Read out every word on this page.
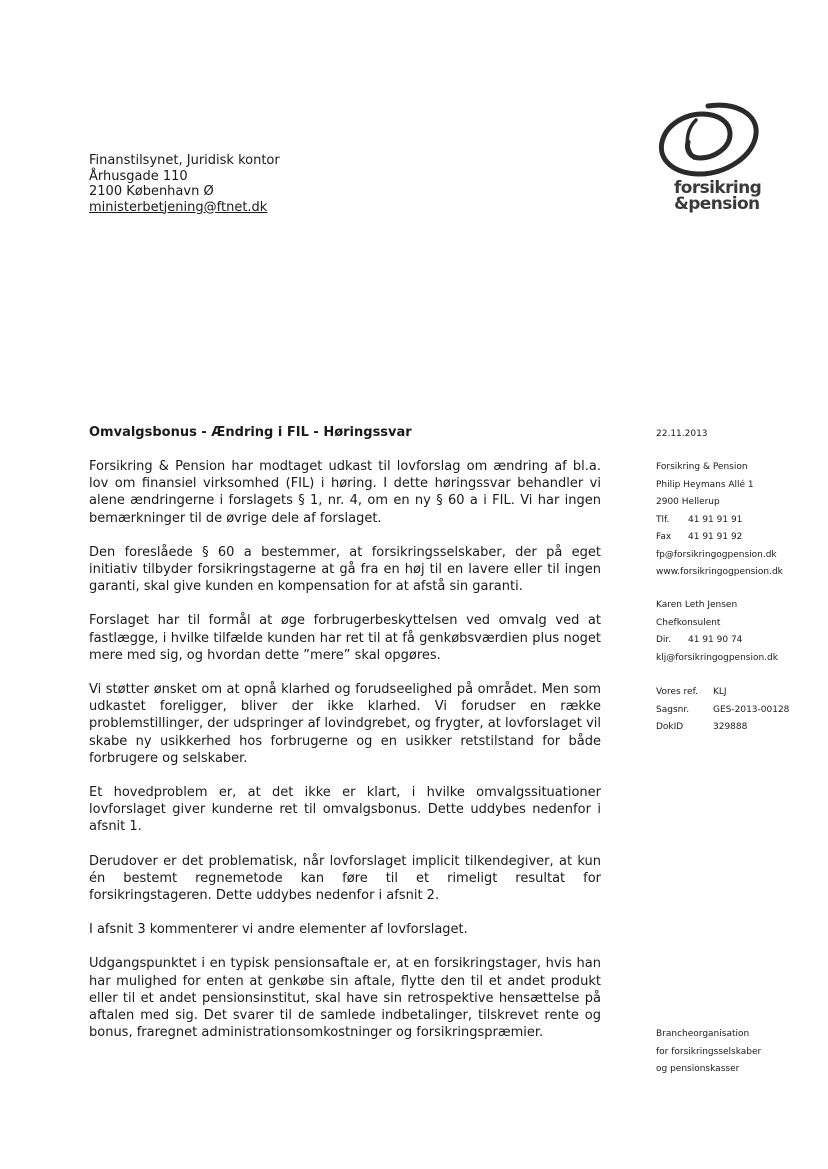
Finanstilsynet, Juridisk kontor
Århusgade 110
2100 København Ø
ministerbetjening@ftnet.dk
forsikring
&pension
Omvalgsbonus - Ændring i FIL - Høringssvar	22.11.2013
Forsikring & Pension
Philip Heymans Allé 1
2900 Hellerup
Tlf. 41 91 91 91
Fax 41 91 91 92
fp@forsikringogpension.dk
www.forsikringogpension.dk
Karen Leth Jensen
Chefkonsulent
Dir. 41 91 90 74
klj@forsikringogpension.dk
Vores ref. KLJ
Sagsnr.	GES-2013-00128
DokID	329888

Forsikring & Pension har modtaget udkast til lovforslag om ændring af bl.a. lov om finansiel virksomhed (FIL) i høring. I dette høringssvar behandler vi alene ændringerne i forslagets § 1, nr. 4, om en ny § 60 a i FIL. Vi har ingen bemærkninger til de øvrige dele af forslaget.

Den foreslåede § 60 a bestemmer, at forsikringsselskaber, der på eget initiativ tilbyder forsikringstagerne at gå fra en høj til en lavere eller til ingen garanti, skal give kunden en kompensation for at afstå sin garanti.

Forslaget har til formål at øge forbrugerbeskyttelsen ved omvalg ved at fastlægge, i hvilke tilfælde kunden har ret til at få genkøbsværdien plus noget mere med sig, og hvordan dette ”mere” skal opgøres.

Vi støtter ønsket om at opnå klarhed og forudseelighed på området. Men som udkastet foreligger, bliver der ikke klarhed. Vi forudser en række problemstillinger, der udspringer af lovindgrebet, og frygter, at lovforslaget vil skabe ny usikkerhed hos forbrugerne og en usikker retstilstand for både forbrugere og selskaber.

Et hovedproblem er, at det ikke er klart, i hvilke omvalgssituationer lovforslaget giver kunderne ret til omvalgsbonus. Dette uddybes nedenfor i afsnit 1.

Derudover er det problematisk, når lovforslaget implicit tilkendegiver, at kun én bestemt regnemetode kan føre til et rimeligt resultat for forsikringstageren. Dette uddybes nedenfor i afsnit 2.

I afsnit 3 kommenterer vi andre elementer af lovforslaget.

Udgangspunktet i en typisk pensionsaftale er, at en forsikringstager, hvis han har mulighed for enten at genkøbe sin aftale, flytte den til et andet produkt eller til et andet pensionsinstitut, skal have sin retrospektive hensættelse på aftalen med sig. Det svarer til de samlede indbetalinger, tilskrevet rente og bonus, fraregnet administrationsomkostninger og forsikringspræmier.	Brancheorganisation
for forsikringsselskaber
og pensionskasser
